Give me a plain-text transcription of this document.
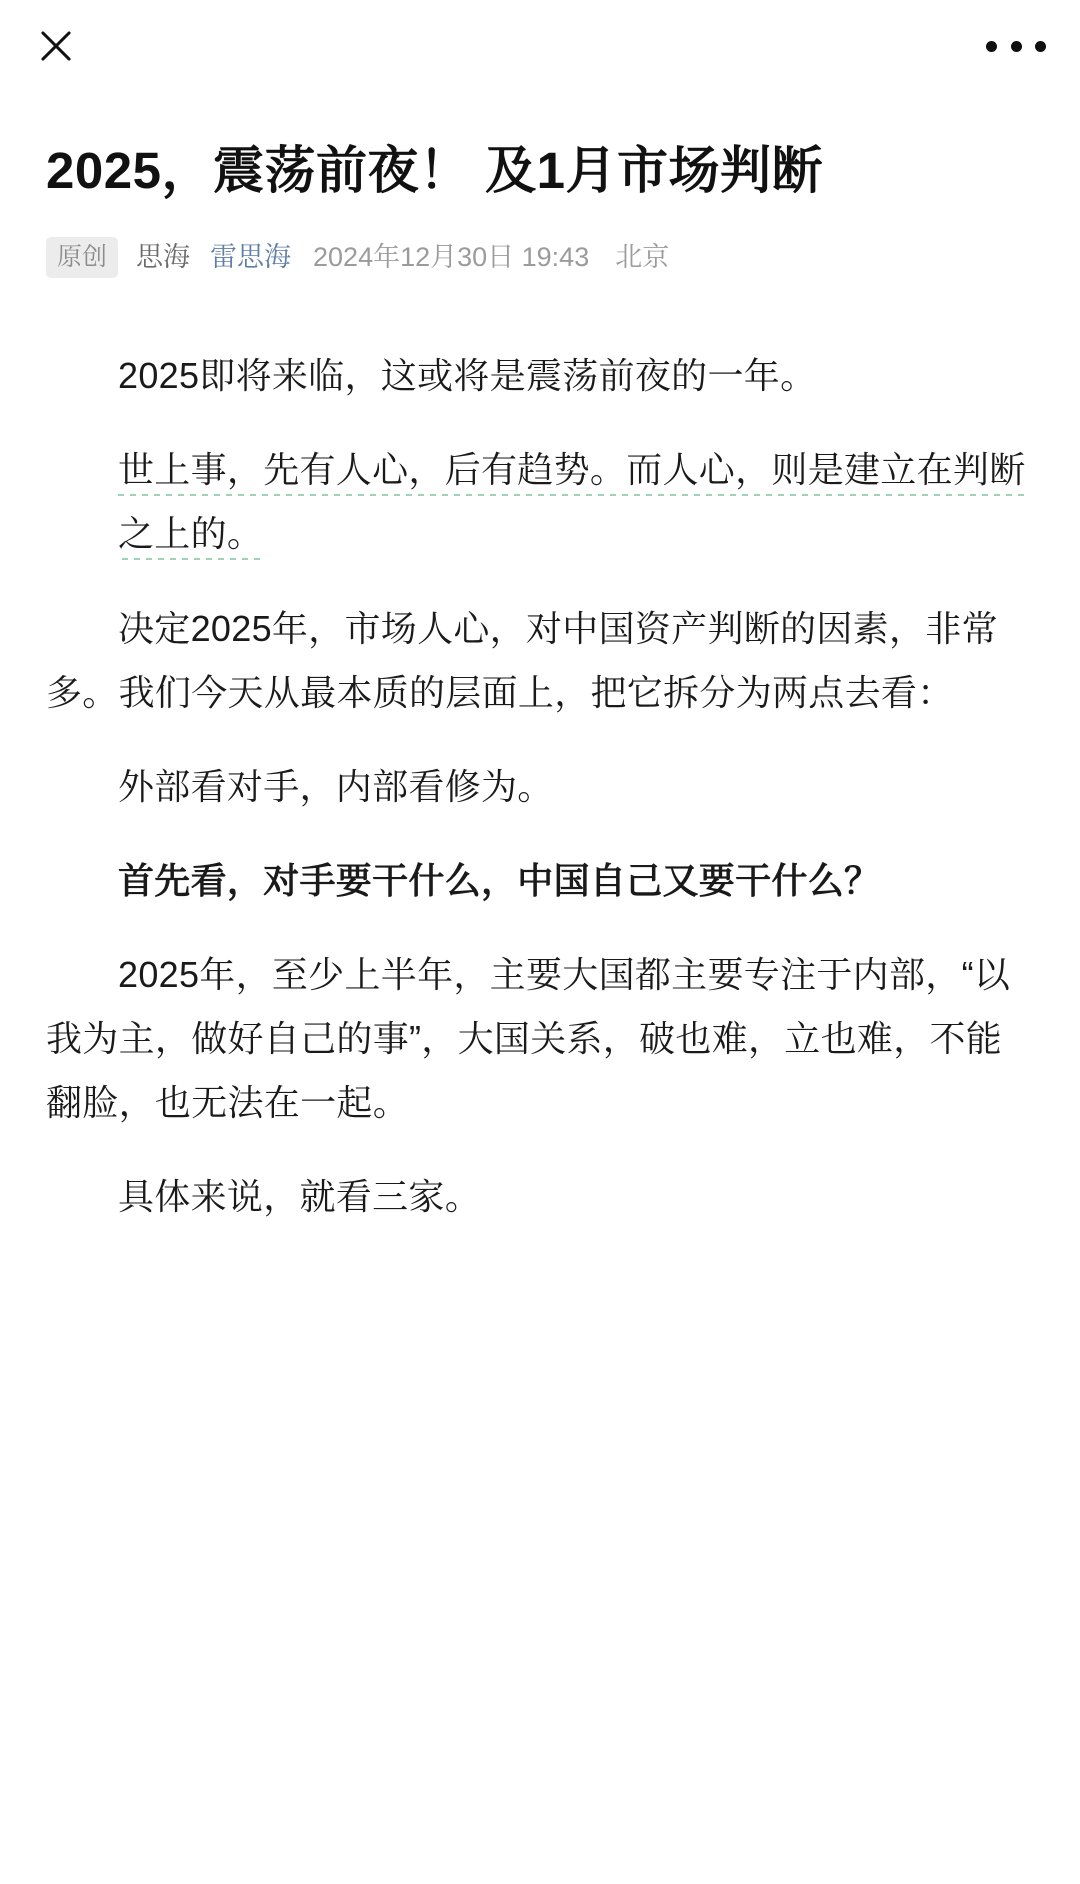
2025，震荡前夜！ 及1月市场判断
原创	思海 雷思海 2024年12月30日 19:43 北京

2025即将来临，这或将是震荡前夜的一年。

世上事，先有人心，后有趋势。而人心，则是建立在判断之上的。

决定2025年，市场人心，对中国资产判断的因素，非常多。我们今天从最本质的层面上，把它拆分为两点去看：

外部看对手，内部看修为。

首先看，对手要干什么，中国自己又要干什么？

2025年，至少上半年，主要大国都主要专注于内部，“以我为主，做好自己的事”，大国关系，破也难，立也难，不能翻脸，也无法在一起。

具体来说，就看三家。
